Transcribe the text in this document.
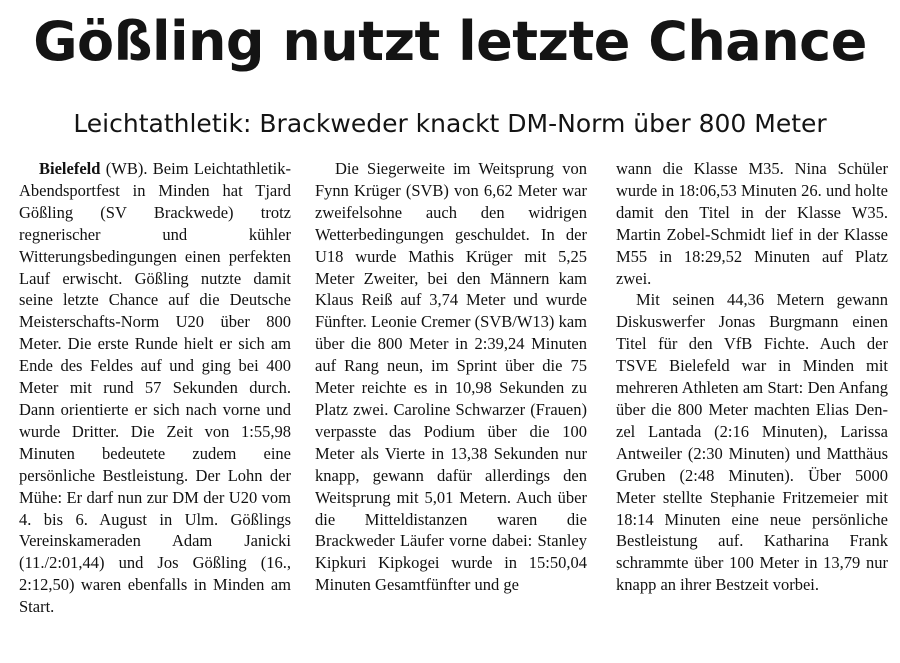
Gößling nutzt letzte Chance
Leichtathletik: Brackweder knackt DM-Norm über 800 Meter

Bielefeld (WB). Beim Leichtathletik-Abendsportfest in Minden hat Tjard Gößling (SV Brackwede) trotz regnerischer und kühler Witterungsbedingungen einen perfekten Lauf erwischt. Gößling nutzte damit seine letzte Chance auf die Deutsche Meisterschafts-Norm U20 über 800 Meter. Die erste Runde hielt er sich am Ende des Feldes auf und ging bei 400 Meter mit rund 57 Sekunden durch. Dann orientierte er sich nach vorne und wurde Dritter. Die Zeit von 1:55,98 Minuten bedeutete zudem eine persönliche Bestleistung. Der Lohn der Mühe: Er darf nun zur DM der U20 vom 4. bis 6. August in Ulm. Gößlings Vereinskameraden Adam Janicki (11./2:01,44) und Jos Gößling (16., 2:12,50) waren ebenfalls in Minden am Start.

Die Siegerweite im Weitsprung von Fynn Krüger (SVB) von 6,62 Meter war zweifelsohne auch den widrigen Wetterbedingungen geschuldet. In der U18 wurde Mathis Krüger mit 5,25 Meter Zweiter, bei den Männern kam Klaus Reiß auf 3,74 Meter und wurde Fünfter. Leonie Cremer (SVB/W13) kam über die 800 Meter in 2:39,24 Minuten auf Rang neun, im Sprint über die 75 Meter reichte es in 10,98 Sekunden zu Platz zwei. Caroline Schwarzer (Frauen) verpasste das Podium über die 100 Meter als Vierte in 13,38 Sekunden nur knapp, gewann dafür allerdings den Weitsprung mit 5,01 Metern. Auch über die Mitteldistanzen waren die Brackweder Läufer vorne dabei: Stanley Kipkuri Kipkogei wurde in 15:50,04 Minuten Gesamtfünfter und ge

wann die Klasse M35. Nina Schüler wurde in 18:06,53 Minuten 26. und holte damit den Titel in der Klasse W35. Martin Zobel-Schmidt lief in der Klasse M55 in 18:29,52 Minuten auf Platz zwei.

Mit seinen 44,36 Metern gewann Diskuswerfer Jonas Burgmann einen Titel für den VfB Fichte. Auch der TSVE Bielefeld war in Minden mit mehreren Athleten am Start: Den Anfang über die 800 Meter machten Elias Denzel Lantada (2:16 Minuten), Larissa Antweiler (2:30 Minuten) und Matthäus Gruben (2:48 Minuten). Über 5000 Meter stellte Stephanie Fritzemeier mit 18:14 Minuten eine neue persönliche Bestleistung auf. Katharina Frank schrammte über 100 Meter in 13,79 nur knapp an ihrer Bestzeit vorbei.
